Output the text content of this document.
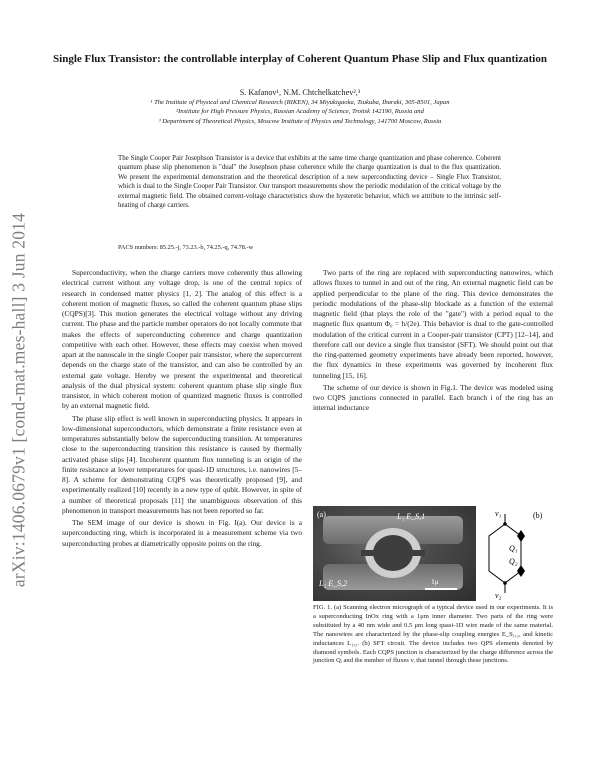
arXiv:1406.0679v1 [cond-mat.mes-hall] 3 Jun 2014
Single Flux Transistor: the controllable interplay of Coherent Quantum Phase Slip and Flux quantization
S. Kafanov¹, N.M. Chtchelkatchev²,³
¹ The Institute of Physical and Chemical Research (RIKEN), 34 Miyukigaoka, Tsukuba, Ibaraki, 305-8501, Japan
²Institute for High Pressure Physics, Russian Academy of Science, Troitsk 142190, Russia and
³ Department of Theoretical Physics, Moscow Institute of Physics and Technology, 141700 Moscow, Russia
The Single Cooper Pair Josephson Transistor is a device that exhibits at the same time charge quantization and phase coherence. Coherent quantum phase slip phenomenon is "dual" the Josephson phase coherence while the charge quantization is dual to the flux quantization. We present the experimental demonstration and the theoretical description of a new superconducting device – Single Flux Transistor, which is dual to the Single Cooper Pair Transistor. Our transport measurements show the periodic modulation of the critical voltage by the external magnetic field. The obtained current-voltage characteristics show the hysteretic behavior, which we attribute to the intrinsic self-heating of charge carriers.
PACS numbers: 85.25.-j, 73.23.-b, 74.25.-q, 74.78.-w

Superconductivity, when the charge carriers move coherently thus allowing electrical current without any voltage drop, is one of the central topics of research in condensed matter physics [1, 2]. The analog of this effect is a coherent motion of magnetic fluxes, so called the coherent quantum phase slips (CQPS)[3]. This motion generates the electrical voltage without any driving current. The phase and the particle number operators do not locally commute that makes the effects of superconducting coherence and charge quantization competitive with each other. However, these effects may coexist when moved apart at the nanoscale in the single Cooper pair transistor, where the supercurrent depends on the charge state of the transistor, and can also be controlled by an external gate voltage. Hereby we present the experimental and theoretical analysis of the dual physical system: coherent quantum phase slip single flux transistor, in which coherent motion of quantized magnetic fluxes is controlled by an external magnetic field.

The phase slip effect is well known in superconducting physics. It appears in low-dimensional superconductors, which demonstrate a finite resistance even at temperatures substantially below the superconducting transition. At temperatures close to the superconducting transition this resistance is caused by thermally activated phase slips [4]. Incoherent quantum flux tunneling is an origin of the finite resistance at lower temperatures for quasi-1D structures, i.e. nanowires [5–8]. A scheme for demonstrating CQPS was theoretically proposed [9], and experimentally realized [10] recently in a new type of qubit. However, in spite of a number of theoretical proposals [11] the unambiguous observation of this phenomenon in transport measurements has not been reported so far.

The SEM image of our device is shown in Fig. I(a). Our device is a superconducting ring, which is incorporated in a measurement scheme via two superconducting probes at diametrically opposite points on the ring.

Two parts of the ring are replaced with superconducting nanowires, which allows fluxes to tunnel in and out of the ring. An external magnetic field can be applied perpendicular to the plane of the ring. This device demonstrates the periodic modulations of the phase-slip blockade as a function of the external magnetic field (that plays the role of the "gate") with a period equal to the magnetic flux quantum Φ₀ = h/(2e). This behavior is dual to the gate-controlled modulation of the critical current in a Cooper-pair transistor (CPT) [12–14], and therefore call our device a single flux transistor (SFT). We should point out that the ring-patterned geometry experiments have already been reported, however, the flux dynamics in these experiments was governed by incoherent flux tunneling [15, 16].

The scheme of our device is shown in Fig.1. The device was modeled using two CQPS junctions connected in parallel. Each branch i of the ring has an internal inductance

(a)	L₁ E_S,1
L₂ E_S,2	1μ
ν₁
ν₂
Q₁
Q₂
(b)
FIG. 1. (a) Scanning electron micrograph of a typical device used in our experiments. It is a superconducting InOx ring with a 1μm inner diameter. Two parts of the ring were substituted by a 40 nm wide and 0.5 μm long quasi-1D wire made of the same material. The nanowires are characterized by the phase-slip coupling energies E_S₁,₂, and kinetic inductances L₁,₂. (b) SFT circuit. The device includes two QPS elements denoted by diamond symbols. Each CQPS junction is characterized by the charge difference across the junction Qᵢ and the number of fluxes νᵢ that tunnel through these junctions.
